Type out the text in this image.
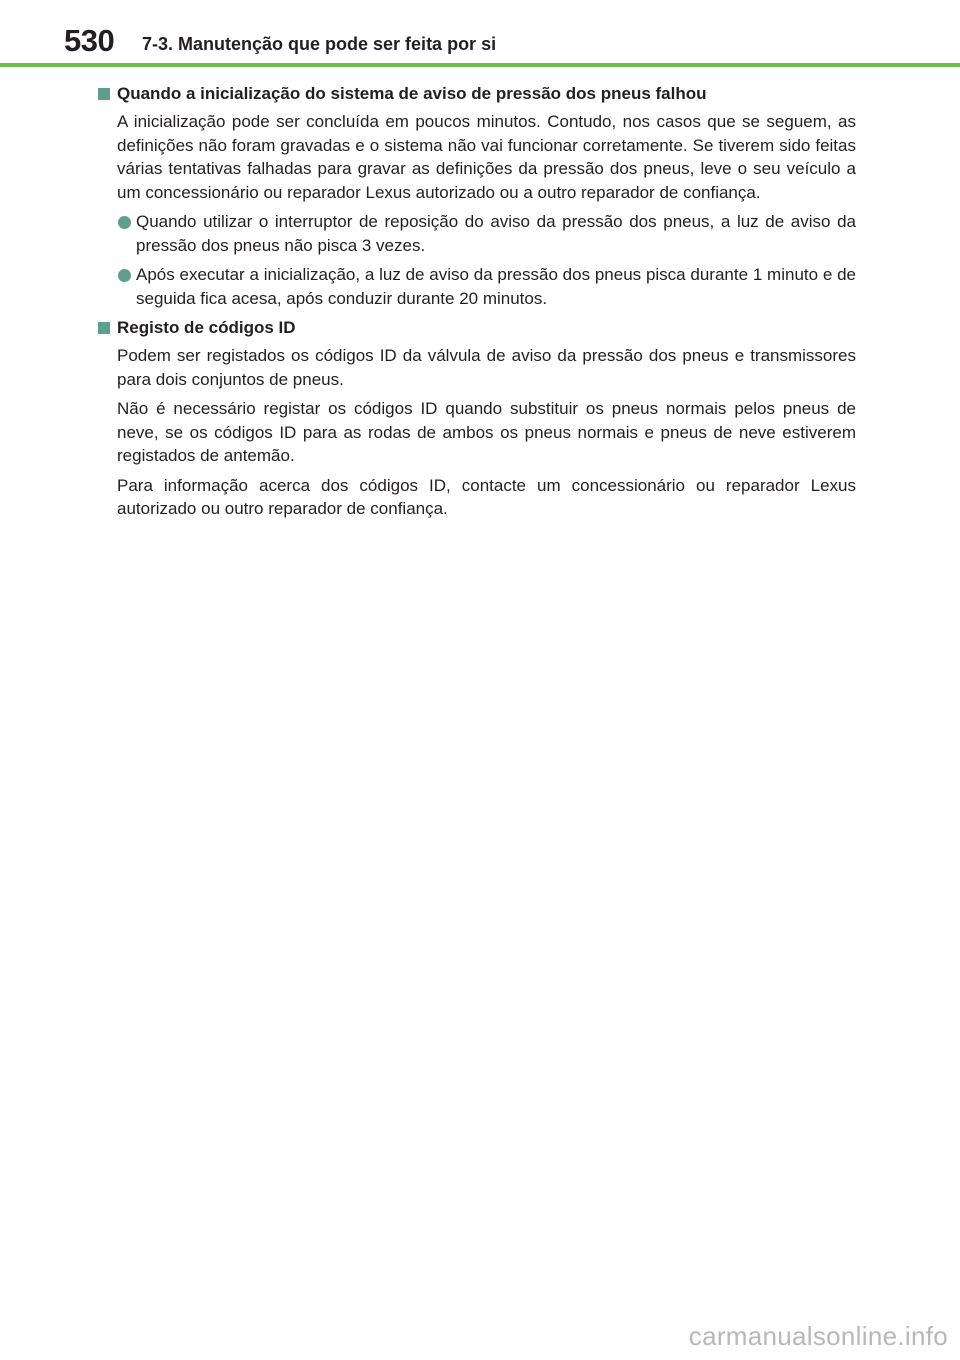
530 7-3. Manutenção que pode ser feita por si
Quando a inicialização do sistema de aviso de pressão dos pneus falhou

A inicialização pode ser concluída em poucos minutos. Contudo, nos casos que se seguem, as definições não foram gravadas e o sistema não vai funcionar corretamente. Se tiverem sido feitas várias tentativas falhadas para gravar as definições da pressão dos pneus, leve o seu veículo a um concessionário ou reparador Lexus autorizado ou a outro reparador de confiança.

Quando utilizar o interruptor de reposição do aviso da pressão dos pneus, a luz de aviso da pressão dos pneus não pisca 3 vezes.
Após executar a inicialização, a luz de aviso da pressão dos pneus pisca durante 1 minuto e de seguida fica acesa, após conduzir durante 20 minutos.
Registo de códigos ID

Podem ser registados os códigos ID da válvula de aviso da pressão dos pneus e transmissores para dois conjuntos de pneus.

Não é necessário registar os códigos ID quando substituir os pneus normais pelos pneus de neve, se os códigos ID para as rodas de ambos os pneus normais e pneus de neve estiverem registados de antemão.

Para informação acerca dos códigos ID, contacte um concessionário ou reparador Lexus autorizado ou outro reparador de confiança.

carmanualsonline.info
